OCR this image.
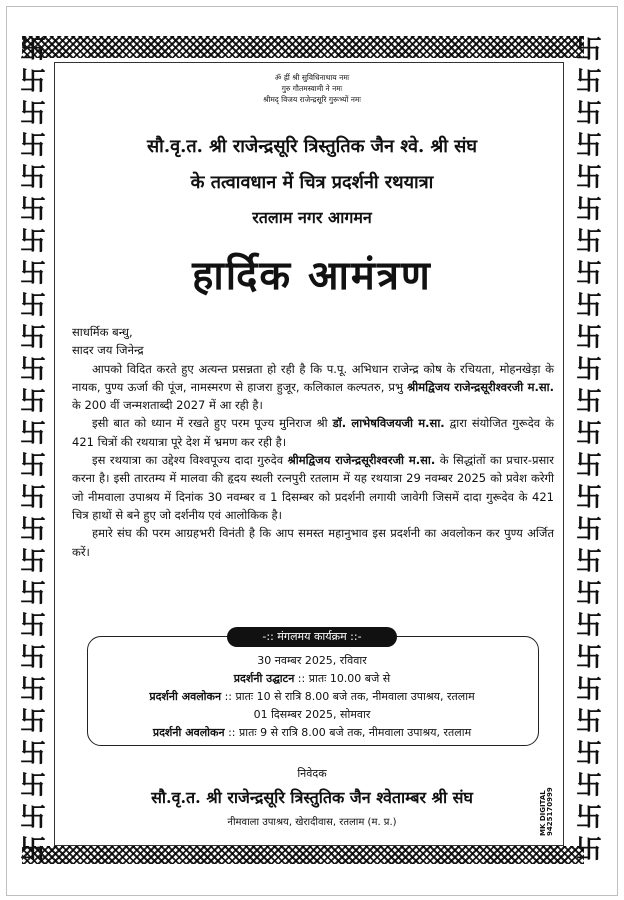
卐
卐
卐
卐
卐
卐
卐
卐
卐
卐
卐
卐
卐
卐
卐
卐
卐
卐
卐
卐
卐
卐
卐
卐
卐
卐
卐
卐
卐
卐
卐
卐
卐
卐
卐
卐
卐
卐
卐
卐
卐
卐
卐
卐
卐
卐
卐
卐
卐
卐
卐
卐
ॐ ह्रीं श्री सुविधिनाथाय नमः
गुरु गौतमस्वामी ने नमः
श्रीमद् विजय राजेन्द्रसूरि गुरूभ्यों नमः
सौ.वृ.त. श्री राजेन्द्रसूरि त्रिस्तुतिक जैन श्वे. श्री संघ
के तत्वावधान में चित्र प्रदर्शनी रथयात्रा
रतलाम नगर आगमन
हार्दिक आमंत्रण

साधर्मिक बन्धु,

सादर जय जिनेन्द्र

आपको विदित करते हुए अत्यन्त प्रसन्नता हो रही है कि प.पू. अभिधान राजेन्द्र कोष के रचियता, मोहनखेड़ा के नायक, पुण्य ऊर्जा की पूंज, नामस्मरण से हाजरा हुजूर, कलिकाल कल्पतरु, प्रभु श्रीमद्विजय राजेन्द्रसूरीश्वरजी म.सा. के 200 वीं जन्मशताब्दी 2027 में आ रही है।

इसी बात को ध्यान में रखते हुए परम पूज्य मुनिराज श्री डॉ. लाभेषविजयजी म.सा. द्वारा संयोजित गुरूदेव के 421 चित्रों की रथयात्रा पूरे देश में भ्रमण कर रही है।

इस रथयात्रा का उद्देश्य विश्वपूज्य दादा गुरुदेव श्रीमद्विजय राजेन्द्रसूरीश्वरजी म.सा. के सिद्धांतों का प्रचार-प्रसार करना है। इसी तारतम्य में मालवा की हृदय स्थली रत्नपुरी रतलाम में यह रथयात्रा 29 नवम्बर 2025 को प्रवेश करेगी जो नीमवाला उपाश्रय में दिनांक 30 नवम्बर व 1 दिसम्बर को प्रदर्शनी लगायी जावेगी जिसमें दादा गुरूदेव के 421 चित्र हाथों से बने हुए जो दर्शनीय एवं आलोकिक है।

हमारे संघ की परम आग्रहभरी विनंती है कि आप समस्त महानुभाव इस प्रदर्शनी का अवलोकन कर पुण्य अर्जित करें।

-:: मंगलमय कार्यक्रम ::-
30 नवम्बर 2025, रविवार
प्रदर्शनी उद्घाटन :: प्रातः 10.00 बजे से
प्रदर्शनी अवलोकन :: प्रातः 10 से रात्रि 8.00 बजे तक, नीमवाला उपाश्रय, रतलाम
01 दिसम्बर 2025, सोमवार
प्रदर्शनी अवलोकन :: प्रातः 9 से रात्रि 8.00 बजे तक, नीमवाला उपाश्रय, रतलाम
निवेदक
सौ.वृ.त. श्री राजेन्द्रसूरि त्रिस्तुतिक जैन श्वेताम्बर श्री संघ
नीमवाला उपाश्रय, खेरादीवास, रतलाम (म. प्र.)	MK DIGITAL 9425170999
